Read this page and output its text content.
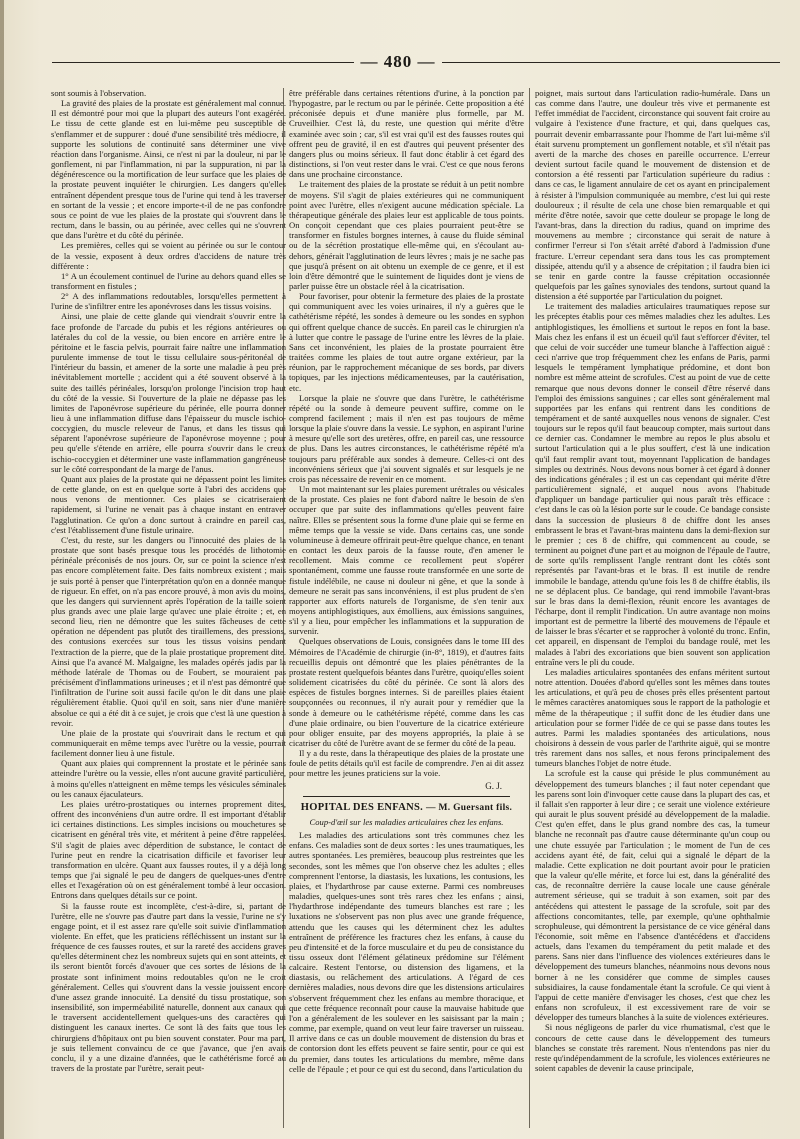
— 480 —

sont soumis à l'observation.

La gravité des plaies de la prostate est généralement mal connue. Il est démontré pour moi que la plupart des auteurs l'ont exagérée. Le tissu de cette glande est en lui-même peu susceptible de s'enflammer et de suppurer : doué d'une sensibilité très médiocre, il supporte les solutions de continuité sans déterminer une vive réaction dans l'organisme. Ainsi, ce n'est ni par la douleur, ni par le gonflement, ni par l'inflammation, ni par la suppuration, ni par la dégénérescence ou la mortification de leur surface que les plaies de la prostate peuvent inquiéter le chirurgien. Les dangers qu'elles entraînent dépendent presque tous de l'urine qui tend à les traverser en sortant de la vessie ; et encore importe-t-il de ne pas confondre sous ce point de vue les plaies de la prostate qui s'ouvrent dans le rectum, dans le bassin, ou au périnée, avec celles qui ne s'ouvrent que dans l'urètre et du côté du périnée.

Les premières, celles qui se voient au périnée ou sur le contour de la vessie, exposent à deux ordres d'accidens de nature très différente :

1° A un écoulement continuel de l'urine au dehors quand elles se transforment en fistules ;

2° A des inflammations redoutables, lorsqu'elles permettent à l'urine de s'infiltrer entre les aponévroses dans les tissus voisins.

Ainsi, une plaie de cette glande qui viendrait s'ouvrir entre la face profonde de l'arcade du pubis et les régions antérieures ou latérales du col de la vessie, ou bien encore en arrière entre le péritoine et le fascia pelvis, pourrait faire naître une inflammation purulente immense de tout le tissu cellulaire sous-péritonéal de l'intérieur du bassin, et amener de la sorte une maladie à peu près inévitablement mortelle ; accident qui a été souvent observé à la suite des taillés périnéales, lorsqu'on prolonge l'incision trop haut du côté de la vessie. Si l'ouverture de la plaie ne dépasse pas les limites de l'aponévrose supérieure du périnée, elle pourra donner lieu à une inflammation diffuse dans l'épaisseur du muscle ischio-coccygien, du muscle releveur de l'anus, et dans les tissus qui séparent l'aponévrose supérieure de l'aponévrose moyenne ; pour peu qu'elle s'étende en arrière, elle pourra s'ouvrir dans le creux ischio-coccygien et déterminer une vaste inflammation gangréneuse sur le côté correspondant de la marge de l'anus.

Quant aux plaies de la prostate qui ne dépassent point les limites de cette glande, on est en quelque sorte à l'abri des accidens que nous venons de mentionner. Ces plaies se cicatriseraient rapidement, si l'urine ne venait pas à chaque instant en entraver l'agglutination. Ce qu'on a donc surtout à craindre en pareil cas, c'est l'établissement d'une fistule urinaire.

C'est, du reste, sur les dangers ou l'innocuité des plaies de la prostate que sont basés presque tous les procédés de lithotomie périnéale préconisés de nos jours. Or, sur ce point la science n'est pas encore complètement faite. Des faits nombreux existent ; mais je suis porté à penser que l'interprétation qu'on en a donnée manque de rigueur. En effet, on n'a pas encore prouvé, à mon avis du moins, que les dangers qui surviennent après l'opération de la taille soient plus grands avec une plaie large qu'avec une plaie étroite ; et, en second lieu, rien ne démontre que les suites fâcheuses de cette opération ne dépendent pas plutôt des tiraillemens, des pressions, des contusions exercées sur tous les tissus voisins pendant l'extraction de la pierre, que de la plaie prostatique proprement dite. Ainsi que l'a avancé M. Malgaigne, les malades opérés jadis par la méthode latérale de Thomas ou de Foubert, se mouraient pas précisément d'inflammations urineuses ; et il n'est pas démontré que l'infiltration de l'urine soit aussi facile qu'on le dit dans une plaie régulièrement établie. Quoi qu'il en soit, sans nier d'une manière absolue ce qui a été dit à ce sujet, je crois que c'est là une question à revoir.

Une plaie de la prostate qui s'ouvrirait dans le rectum et qui communiquerait en même temps avec l'urètre ou la vessie, pourrait facilement donner lieu à une fistule.

Quant aux plaies qui comprennent la prostate et le périnée sans atteindre l'urètre ou la vessie, elles n'ont aucune gravité particulière, à moins qu'elles n'atteignent en même temps les vésicules séminales ou les canaux éjaculateurs.

Les plaies urétro-prostatiques ou internes proprement dites, offrent des inconvéniens d'un autre ordre. Il est important d'établir ici certaines distinctions. Les simples incisions ou mouchetures se cicatrisent en général très vite, et méritent à peine d'être rappelées. S'il s'agit de plaies avec déperdition de substance, le contact de l'urine peut en rendre la cicatrisation difficile et favoriser leur transformation en ulcère. Quant aux fausses routes, il y a déjà long temps que j'ai signalé le peu de dangers de quelques-unes d'entre elles et l'exagération où on est généralement tombé à leur occasion. Entrons dans quelques détails sur ce point.

Si la fausse route est incomplète, c'est-à-dire, si, partant de l'urètre, elle ne s'ouvre pas d'autre part dans la vessie, l'urine ne s'y engage point, et il est assez rare qu'elle soit suivie d'inflammation violente. En effet, que les praticiens réfléchissent un instant sur la fréquence de ces fausses routes, et sur la rareté des accidens graves qu'elles déterminent chez les nombreux sujets qui en sont atteints, et ils seront bientôt forcés d'avouer que ces sortes de lésions de la prostate sont infiniment moins redoutables qu'on ne le croit généralement. Celles qui s'ouvrent dans la vessie jouissent encore d'une assez grande innocuité. La densité du tissu prostatique, son insensibilité, son imperméabilité naturelle, donnent aux canaux qui le traversent accidentellement quelques-uns des caractères qui distinguent les canaux inertes. Ce sont là des faits que tous les chirurgiens d'hôpitaux ont pu bien souvent constater. Pour ma part, je suis tellement convaincu de ce que j'avance, que j'en avais conclu, il y a une dizaine d'années, que le cathétérisme forcé au travers de la prostate par l'urètre, serait peut-

être préférable dans certaines rétentions d'urine, à la ponction par l'hypogastre, par le rectum ou par le périnée. Cette proposition a été préconisée depuis et d'une manière plus formelle, par M. Cruveilhier. C'est là, du reste, une question qui mérite d'être examinée avec soin ; car, s'il est vrai qu'il est des fausses routes qui offrent peu de gravité, il en est d'autres qui peuvent présenter des dangers plus ou moins sérieux. Il faut donc établir à cet égard des distinctions, si l'on veut rester dans le vrai. C'est ce que nous ferons dans une prochaine circonstance.

Le traitement des plaies de la prostate se réduit à un petit nombre de moyens. S'il s'agit de plaies extérieures qui ne communiquent point avec l'urètre, elles n'exigent aucune médication spéciale. La thérapeutique générale des plaies leur est applicable de tous points. On conçoit cependant que ces plaies pourraient peut-être se transformer en fistules borgnes internes, à cause du fluide séminal ou de la sécrétion prostatique elle-même qui, en s'écoulant au-dehors, générait l'agglutination de leurs lèvres ; mais je ne sache pas que jusqu'à présent on ait obtenu un exemple de ce genre, et il est loin d'être démontré que le suintement de liquides dont je viens de parler puisse être un obstacle réel à la cicatrisation.

Pour favoriser, pour obtenir la fermeture des plaies de la prostate qui communiquent avec les voies urinaires, il n'y a guères que le cathétérisme répété, les sondes à demeure ou les sondes en syphon qui offrent quelque chance de succès. En pareil cas le chirurgien n'a à lutter que contre le passage de l'urine entre les lèvres de la plaie. Sans cet inconvénient, les plaies de la prostate pourraient être traitées comme les plaies de tout autre organe extérieur, par la réunion, par le rapprochement mécanique de ses bords, par divers topiques, par les injections médicamenteuses, par la cautérisation, etc.

Lorsque la plaie ne s'ouvre que dans l'urètre, le cathétérisme répété ou la sonde à demeure peuvent suffire, comme on le comprend facilement ; mais il n'en est pas toujours de même lorsque la plaie s'ouvre dans la vessie. Le syphon, en aspirant l'urine à mesure qu'elle sort des uretères, offre, en pareil cas, une ressource de plus. Dans les autres circonstances, le cathétérisme répété m'a toujours paru préférable aux sondes à demeure. Celles-ci ont des inconvéniens sérieux que j'ai souvent signalés et sur lesquels je ne crois pas nécessaire de revenir en ce moment.

Un mot maintenant sur les plaies purement urétrales ou vésicales de la prostate. Ces plaies ne font d'abord naître le besoin de s'en occuper que par suite des inflammations qu'elles peuvent faire naître. Elles se présentent sous la forme d'une plaie qui se ferme en même temps que la vessie se vide. Dans certains cas, une sonde volumineuse à demeure offrirait peut-être quelque chance, en tenant en contact les deux parois de la fausse route, d'en amener le recollement. Mais comme ce recollement peut s'opérer spontanément, comme une fausse route transformée en une sorte de fistule indélébile, ne cause ni douleur ni gêne, et que la sonde à demeure ne serait pas sans inconvéniens, il est plus prudent de s'en rapporter aux efforts naturels de l'organisme, de s'en tenir aux moyens antiphlogistiques, aux émolliens, aux émissions sanguines, s'il y a lieu, pour empêcher les inflammations et la suppuration de survenir.

Quelques observations de Louis, consignées dans le tome III des Mémoires de l'Académie de chirurgie (in-8°, 1819), et d'autres faits recueillis depuis ont démontré que les plaies pénétrantes de la prostate restent quelquefois béantes dans l'urètre, quoiqu'elles soient solidement cicatrisées du côté du périnée. Ce sont là alors des espèces de fistules borgnes internes. Si de pareilles plaies étaient soupçonnées ou reconnues, il n'y aurait pour y remédier que la sonde à demeure ou le cathétérisme répété, comme dans les cas d'une plaie ordinaire, ou bien l'ouverture de la cicatrice extérieure pour obliger ensuite, par des moyens appropriés, la plaie à se cicatriser du côté de l'urètre avant de se fermer du côté de la peau.

Il y a du reste, dans la thérapeutique des plaies de la prostate une foule de petits détails qu'il est facile de comprendre. J'en ai dit assez pour mettre les jeunes praticiens sur la voie.

G. J.

HOPITAL DES ENFANS. — M. Guersant fils.

Coup-d'œil sur les maladies articulaires chez les enfans.

Les maladies des articulations sont très communes chez les enfans. Ces maladies sont de deux sortes : les unes traumatiques, les autres spontanées. Les premières, beaucoup plus restreintes que les secondes, sont les mêmes que l'on observe chez les adultes ; elles comprennent l'entorse, la diastasis, les luxations, les contusions, les plaies, et l'hydarthrose par cause externe. Parmi ces nombreuses maladies, quelques-unes sont très rares chez les enfans ; ainsi, l'hydarthrose indépendante des tumeurs blanches est rare ; les luxations ne s'observent pas non plus avec une grande fréquence, attendu que les causes qui les déterminent chez les adultes entraînent de préférence les fractures chez les enfans, à cause du peu d'intensité et de la force musculaire et du peu de consistance du tissu osseux dont l'élément gélatineux prédomine sur l'élément calcaire. Restent l'entorse, ou distension des ligamens, et la diastasis, ou relâchement des articulations. A l'égard de ces dernières maladies, nous devons dire que les distensions articulaires s'observent fréquemment chez les enfans au membre thoracique, et que cette fréquence reconnaît pour cause la mauvaise habitude que l'on a généralement de les soulever en les saisissant par la main ; comme, par exemple, quand on veut leur faire traverser un ruisseau. Il arrive dans ce cas un double mouvement de distension du bras et de contorsion dont les effets peuvent se faire sentir, pour ce qui est du premier, dans toutes les articulations du membre, même dans celle de l'épaule ; et pour ce qui est du second, dans l'articulation du

poignet, mais surtout dans l'articulation radio-humérale. Dans un cas comme dans l'autre, une douleur très vive et permanente est l'effet immédiat de l'accident, circonstance qui souvent fait croire au vulgaire à l'existence d'une fracture, et qui, dans quelques cas, pourrait devenir embarrassante pour l'homme de l'art lui-même s'il était survenu promptement un gonflement notable, et s'il n'était pas averti de la marche des choses en pareille occurrence. L'erreur devient surtout facile quand le mouvement de distension et de contorsion a été ressenti par l'articulation supérieure du radius : dans ce cas, le ligament annulaire de cet os ayant en principalement à résister à l'impulsion communiquée au membre, c'est lui qui reste douloureux ; il résulte de cela une chose bien remarquable et qui mérite d'être notée, savoir que cette douleur se propage le long de l'avant-bras, dans la direction du radius, quand on imprime des mouvemens au membre ; circonstance qui serait de nature à confirmer l'erreur si l'on s'était arrêté d'abord à l'admission d'une fracture. L'erreur cependant sera dans tous les cas promptement dissipée, attendu qu'il y a absence de crépitation ; il faudra bien ici se tenir en garde contre la fausse crépitation occasionnée quelquefois par les gaînes synoviales des tendons, surtout quand la distension a été supportée par l'articulation du poignet.

Le traitement des maladies articulaires traumatiques repose sur les préceptes établis pour ces mêmes maladies chez les adultes. Les antiphlogistiques, les émolliens et surtout le repos en font la base. Mais chez les enfans il est un écueil qu'il faut s'efforcer d'éviter, tel que celui de voir succéder une tumeur blanche à l'affection aiguë : ceci n'arrive que trop fréquemment chez les enfans de Paris, parmi lesquels le tempérament lymphatique prédomine, et dont bon nombre est même atteint de scrofules. C'est au point de vue de cette remarque que nous devons donner le conseil d'être réservé dans l'emploi des émissions sanguines ; car elles sont généralement mal supportées par les enfans qui rentrent dans les conditions de tempérament et de santé auxquelles nous venons de signaler. C'est toujours sur le repos qu'il faut beaucoup compter, mais surtout dans ce dernier cas. Condamner le membre au repos le plus absolu et surtout l'articulation qui a le plus souffert, c'est là une indication qu'il faut remplir avant tout, moyennant l'application de bandages simples ou dextrinés. Nous devons nous borner à cet égard à donner des indications générales ; il est un cas cependant qui mérite d'être particulièrement signalé, et auquel nous avons l'habitude d'appliquer un bandage particulier qui nous paraît très efficace : c'est dans le cas où la lésion porte sur le coude. Ce bandage consiste dans la succession de plusieurs 8 de chiffre dont les anses embrassent le bras et l'avant-bras maintenu dans la demi-flexion sur le premier ; ces 8 de chiffre, qui commencent au coude, se terminent au poignet d'une part et au moignon de l'épaule de l'autre, de sorte qu'ils remplissent l'angle rentrant dont les côtés sont représentés par l'avant-bras et le bras. Il est inutile de rendre immobile le bandage, attendu qu'une fois les 8 de chiffre établis, ils ne se déplacent plus. Ce bandage, qui rend immobile l'avant-bras sur le bras dans la demi-flexion, réunit encore les avantages de l'écharpe, dont il remplit l'indication. Un autre avantage non moins important est de permettre la liberté des mouvemens de l'épaule et de laisser le bras s'écarter et se rapprocher à volonté du tronc. Enfin, cet appareil, en dispensant de l'emploi du bandage roulé, met les malades à l'abri des excoriations que bien souvent son application entraîne vers le pli du coude.

Les maladies articulaires spontanées des enfans méritent surtout notre attention. Douées d'abord qu'elles sont les mêmes dans toutes les articulations, et qu'à peu de choses près elles présentent partout le mêmes caractères anatomiques sous le rapport de la pathologie et même de la thérapeutique ; il suffit donc de les étudier dans une articulation pour se former l'idée de ce qui se passe dans toutes les autres. Parmi les maladies spontanées des articulations, nous choisirons à dessein de vous parler de l'arthrite aiguë, qui se montre très rarement dans nos salles, et nous ferons principalement des tumeurs blanches l'objet de notre étude.

La scrofule est la cause qui préside le plus communément au développement des tumeurs blanches ; il faut noter cependant que les parens sont loin d'invoquer cette cause dans la plupart des cas, et il fallait s'en rapporter à leur dire ; ce serait une violence extérieure qui aurait le plus souvent présidé au développement de la maladie. C'est qu'en effet, dans le plus grand nombre des cas, la tumeur blanche ne reconnaît pas d'autre cause déterminante qu'un coup ou une chute essuyée par l'articulation ; le moment de l'un de ces accidens ayant été, de fait, celui qui a signalé le départ de la maladie. Cette explication ne doit pourtant avoir pour le praticien que la valeur qu'elle mérite, et force lui est, dans la généralité des cas, de reconnaître derrière la cause locale une cause générale autrement sérieuse, qui se traduit à son examen, soit par des antécédens qui attestent le passage de la scrofule, soit par des affections concomitantes, telle, par exemple, qu'une ophthalmie scrophuleuse, qui démontrent la persistance de ce vice général dans l'économie, soit même en l'absence d'antécédens et d'accidens actuels, dans l'examen du tempérament du petit malade et des parens. Sans nier dans l'influence des violences extérieures dans le développement des tumeurs blanches, néanmoins nous devons nous borner à ne les considérer que comme de simples causes subsidiaires, la cause fondamentale étant la scrofule. Ce qui vient à l'appui de cette manière d'envisager les choses, c'est que chez les enfans non scrofuleux, il est excessivement rare de voir se développer des tumeurs blanches à la suite de violences extérieures.

Si nous négligeons de parler du vice rhumatismal, c'est que le concours de cette cause dans le développement des tumeurs blanches se constate très rarement. Nous n'entendons pas nier du reste qu'indépendamment de la scrofule, les violences extérieures ne soient capables de devenir la cause principale,
